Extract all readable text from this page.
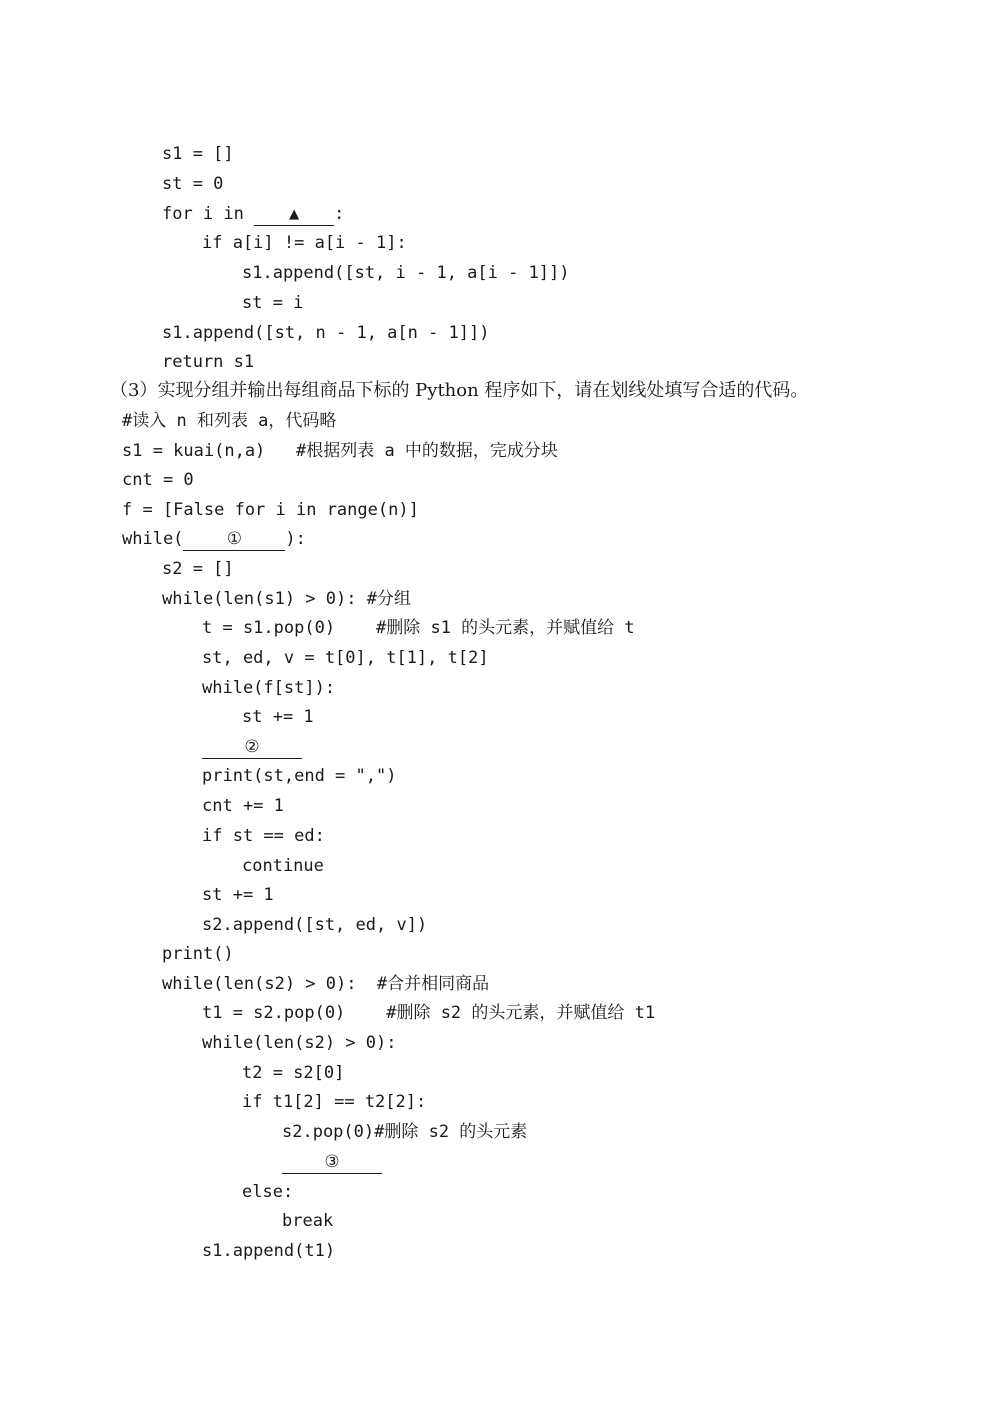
s1 = []
st = 0
for i in ▲ :
if a[i] != a[i - 1]:
s1.append([st, i - 1, a[i - 1]])
st = i
s1.append([st, n - 1, a[n - 1]])
return s1
（3）实现分组并输出每组商品下标的 Python 程序如下，请在划线处填写合适的代码。
#读入 n 和列表 a，代码略
s1 = kuai(n,a)   #根据列表 a 中的数据，完成分块
cnt = 0
f = [False for i in range(n)]
while(	①	):
s2 = []
while(len(s1) > 0): #分组
t = s1.pop(0)    #删除 s1 的头元素，并赋值给 t
st, ed, v = t[0], t[1], t[2]
while(f[st]):
st += 1
②
print(st,end = ",")
cnt += 1
if st == ed:
continue
st += 1
s2.append([st, ed, v])
print()
while(len(s2) > 0):  #合并相同商品
t1 = s2.pop(0)    #删除 s2 的头元素，并赋值给 t1
while(len(s2) > 0):
t2 = s2[0]
if t1[2] == t2[2]:
s2.pop(0)#删除 s2 的头元素
③
else:
break
s1.append(t1)
